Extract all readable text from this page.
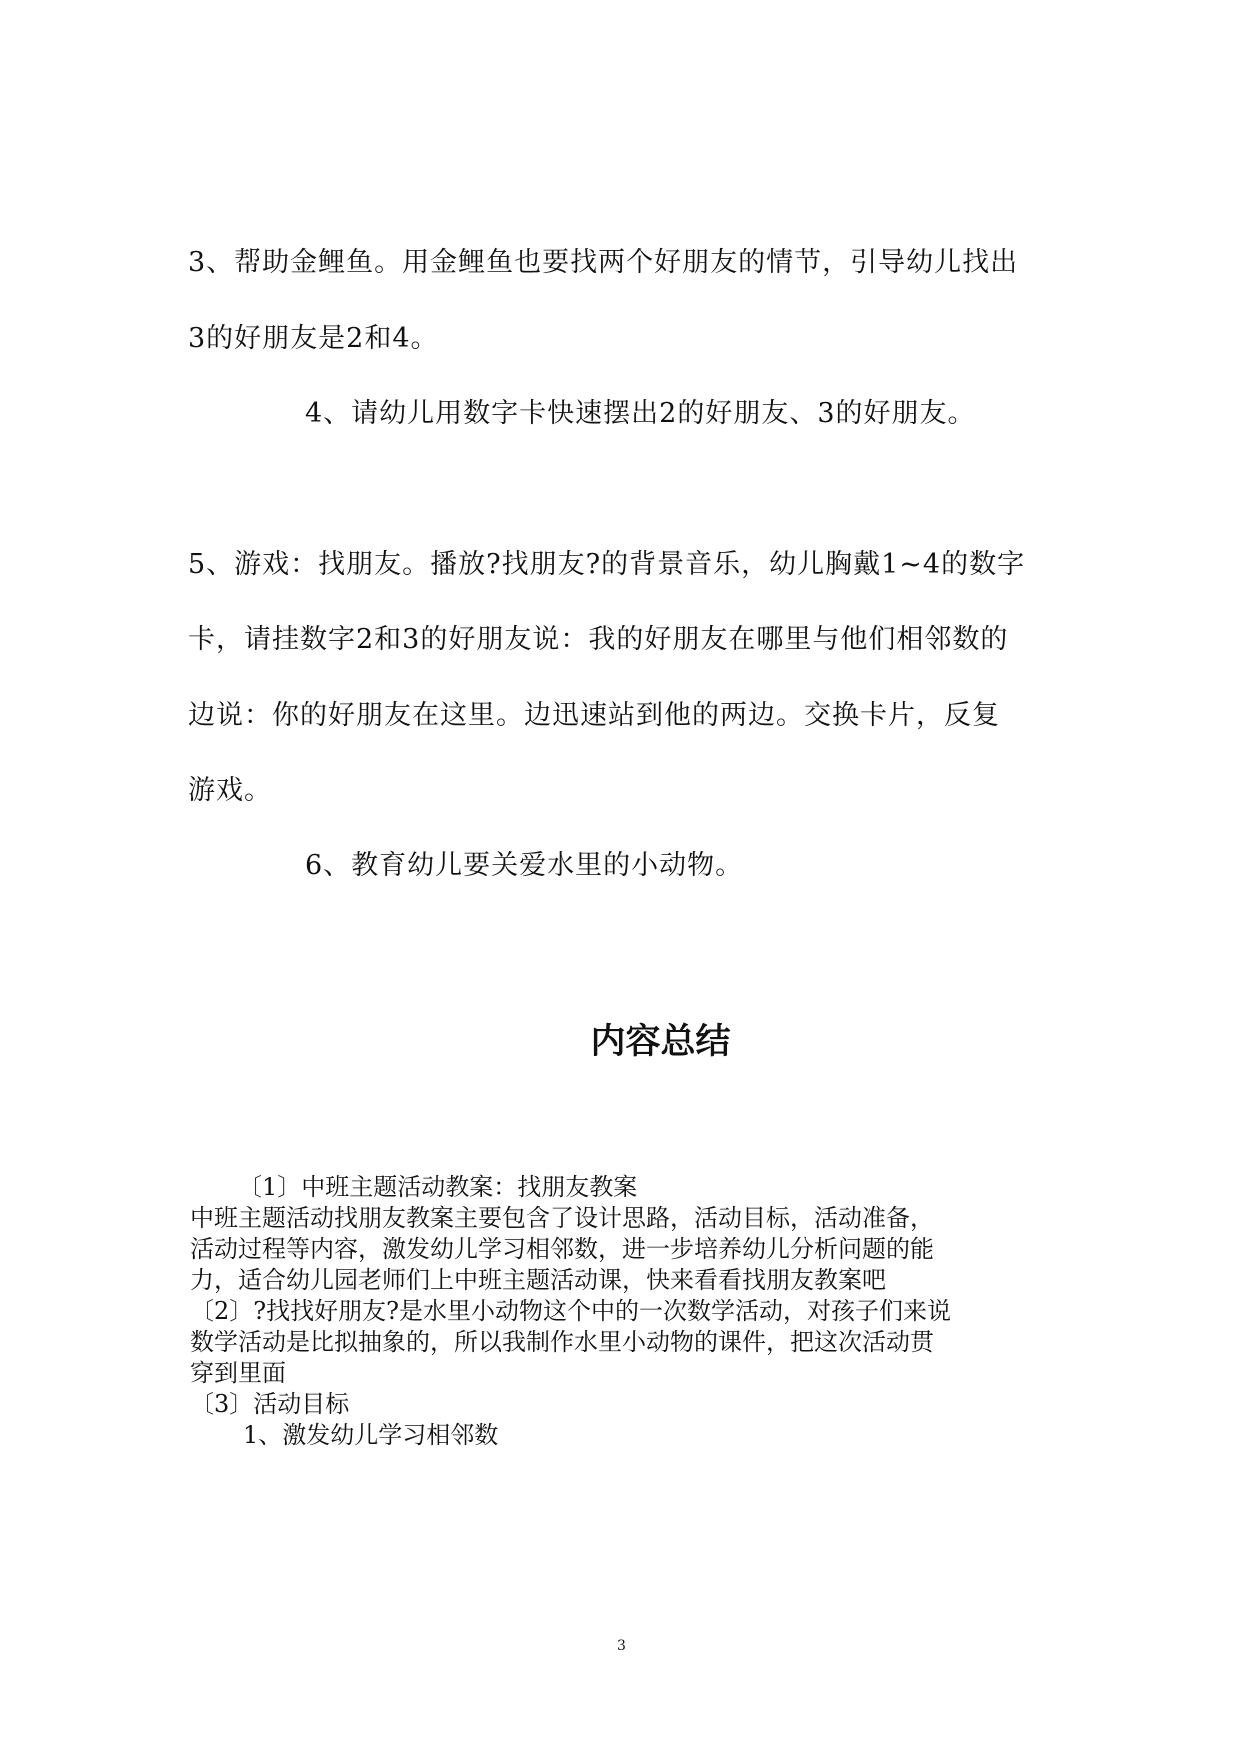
3、帮助金鲤鱼。用金鲤鱼也要找两个好朋友的情节，引导幼儿找出

3的好朋友是2和4。

4、请幼儿用数字卡快速摆出2的好朋友、3的好朋友。

5、游戏：找朋友。播放?找朋友?的背景音乐，幼儿胸戴1~4的数字

卡，请挂数字2和3的好朋友说：我的好朋友在哪里与他们相邻数的

边说：你的好朋友在这里。边迅速站到他的两边。交换卡片，反复

游戏。

6、教育幼儿要关爱水里的小动物。

内容总结

〔1〕中班主题活动教案：找朋友教案

中班主题活动找朋友教案主要包含了设计思路，活动目标，活动准备，

活动过程等内容，激发幼儿学习相邻数，进一步培养幼儿分析问题的能

力，适合幼儿园老师们上中班主题活动课，快来看看找朋友教案吧

〔2〕?找找好朋友?是水里小动物这个中的一次数学活动，对孩子们来说

数学活动是比拟抽象的，所以我制作水里小动物的课件，把这次活动贯

穿到里面

〔3〕活动目标

1、激发幼儿学习相邻数

3
